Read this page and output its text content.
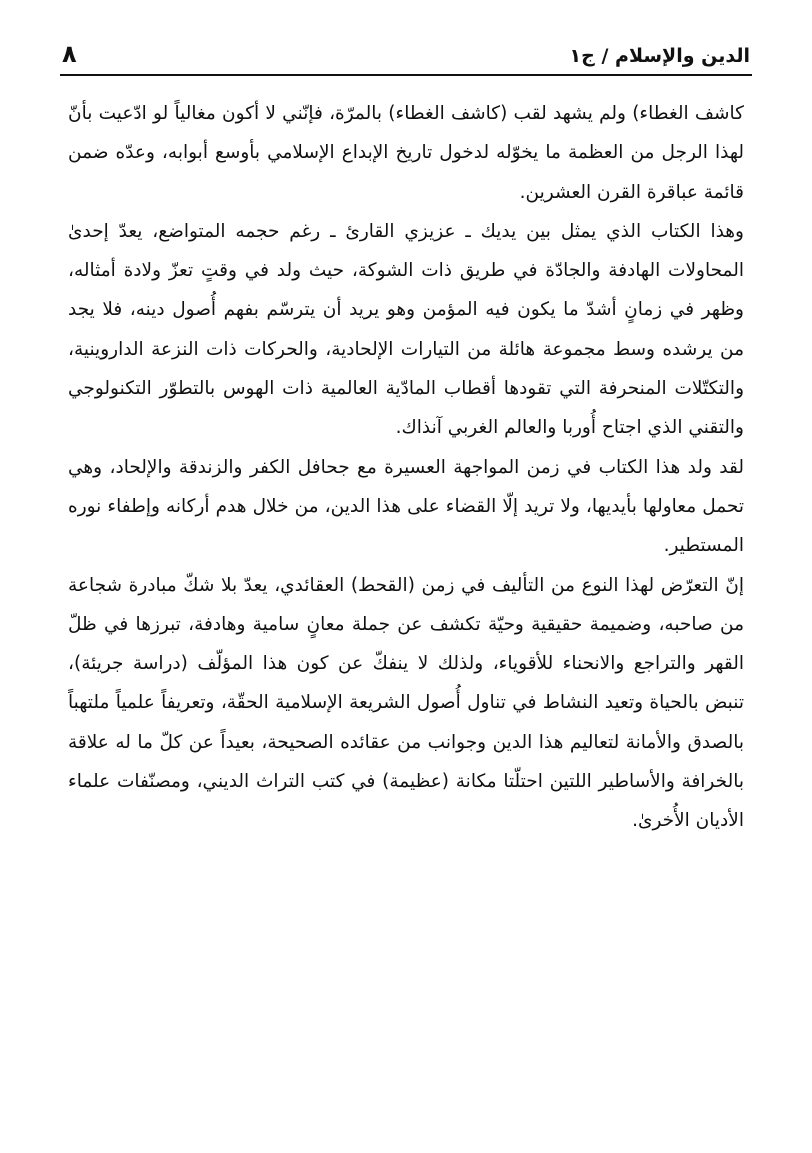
الدين والإسلام / ج١
٨

كاشف الغطاء) ولم يشهد لقب (كاشف الغطاء) بالمرّة، فإنّني لا أكون مغالياً لو ادّعيت بأنّ لهذا الرجل من العظمة ما يخوّله لدخول تاريخ الإبداع الإسلامي بأوسع أبوابه، وعدّه ضمن قائمة عباقرة القرن العشرين.

وهذا الكتاب الذي يمثل بين يديك ـ عزيزي القارئ ـ رغم حجمه المتواضع، يعدّ إحدىٰ المحاولات الهادفة والجادّة في طريق ذات الشوكة، حيث ولد في وقتٍ تعزّ ولادة أمثاله، وظهر في زمانٍ أشدّ ما يكون فيه المؤمن وهو يريد أن يترسّم بفهم أُصول دينه، فلا يجد من يرشده وسط مجموعة هائلة من التيارات الإلحادية، والحركات ذات النزعة الداروينية، والتكتّلات المنحرفة التي تقودها أقطاب المادّية العالمية ذات الهوس بالتطوّر التكنولوجي والتقني الذي اجتاح أُوربا والعالم الغربي آنذاك.

لقد ولد هذا الكتاب في زمن المواجهة العسيرة مع جحافل الكفر والزندقة والإلحاد، وهي تحمل معاولها بأيديها، ولا تريد إلّا القضاء على هذا الدين، من خلال هدم أركانه وإطفاء نوره المستطير.

إنّ التعرّض لهذا النوع من التأليف في زمن (القحط) العقائدي، يعدّ بلا شكّ مبادرة شجاعة من صاحبه، وضميمة حقيقية وحيّة تكشف عن جملة معانٍ سامية وهادفة، تبرزها في ظلّ القهر والتراجع والانحناء للأقوياء، ولذلك لا ينفكّ عن كون هذا المؤلّف (دراسة جريئة)، تنبض بالحياة وتعيد النشاط في تناول أُصول الشريعة الإسلامية الحقّة، وتعريفاً علمياً ملتهباً بالصدق والأمانة لتعاليم هذا الدين وجوانب من عقائده الصحيحة، بعيداً عن كلّ ما له علاقة بالخرافة والأساطير اللتين احتلّتا مكانة (عظيمة) في كتب التراث الديني، ومصنّفات علماء الأديان الأُخرىٰ.
